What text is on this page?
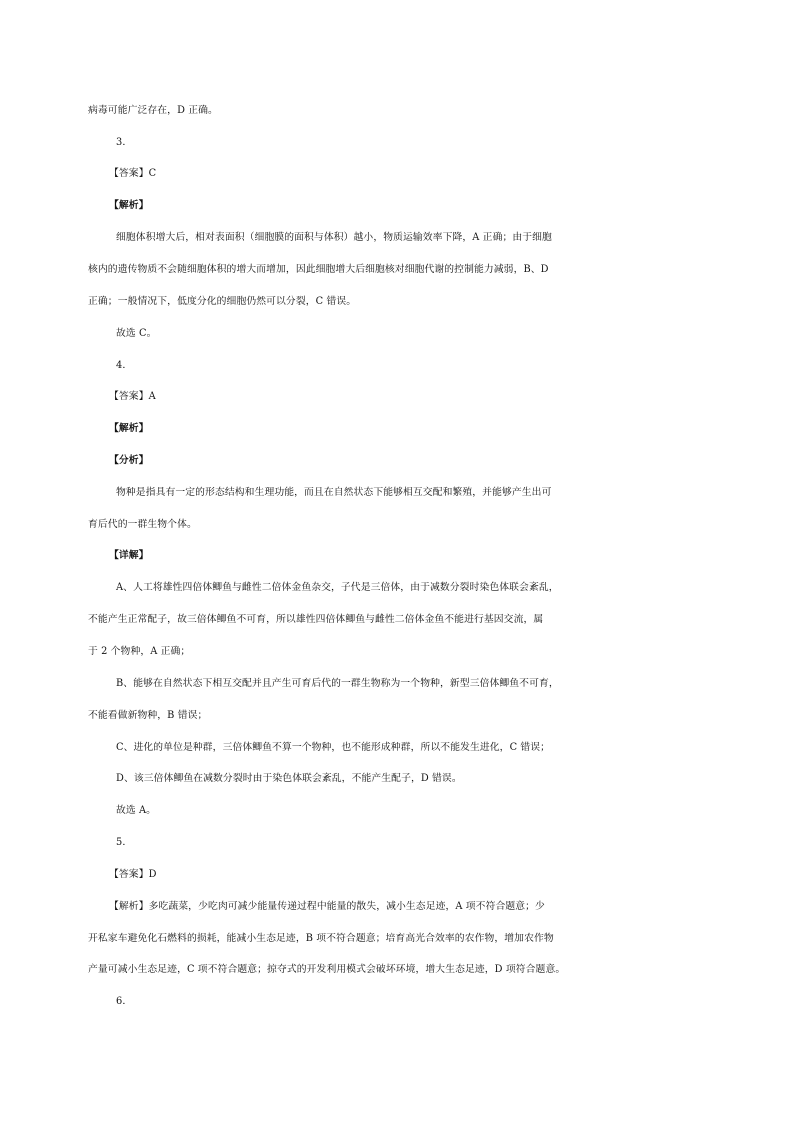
病毒可能广泛存在，D 正确。
3．
【答案】C
【解析】
细胞体积增大后，相对表面积（细胞膜的面积与体积）越小，物质运输效率下降，A 正确；由于细胞
核内的遗传物质不会随细胞体积的增大而增加，因此细胞增大后细胞核对细胞代谢的控制能力减弱，B、D
正确；一般情况下，低度分化的细胞仍然可以分裂，C 错误。
故选 C。
4．
【答案】A
【解析】
【分析】
物种是指具有一定的形态结构和生理功能，而且在自然状态下能够相互交配和繁殖，并能够产生出可
育后代的一群生物个体。
【详解】
A、人工将雄性四倍体鲫鱼与雌性二倍体金鱼杂交，子代是三倍体，由于减数分裂时染色体联会紊乱，
不能产生正常配子，故三倍体鲫鱼不可育，所以雄性四倍体鲫鱼与雌性二倍体金鱼不能进行基因交流，属
于 2 个物种，A 正确；
B、能够在自然状态下相互交配并且产生可育后代的一群生物称为一个物种，新型三倍体鲫鱼不可育，
不能看做新物种，B 错误；
C、进化的单位是种群，三倍体鲫鱼不算一个物种，也不能形成种群，所以不能发生进化，C 错误；
D、该三倍体鲫鱼在减数分裂时由于染色体联会紊乱，不能产生配子，D 错误。
故选 A。
5．
【答案】D
【解析】多吃蔬菜，少吃肉可减少能量传递过程中能量的散失，减小生态足迹，A 项不符合题意；少
开私家车避免化石燃料的损耗，能减小生态足迹，B 项不符合题意；培育高光合效率的农作物，增加农作物
产量可减小生态足迹，C 项不符合题意；掠夺式的开发利用模式会破坏环境，增大生态足迹，D 项符合题意。
6．
